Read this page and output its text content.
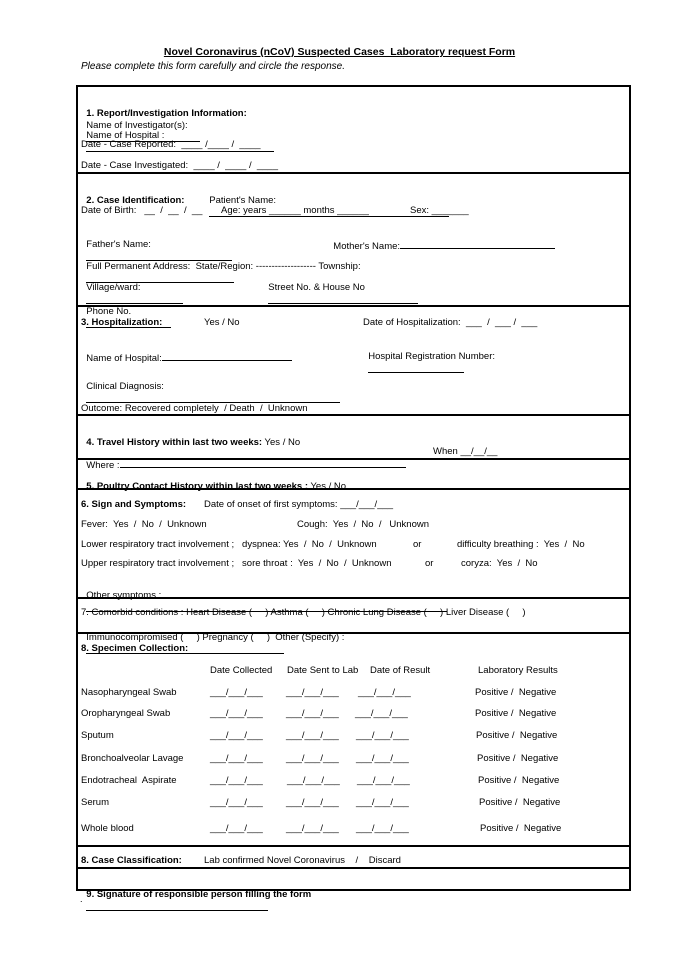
Novel Coronavirus (nCoV) Suspected Cases  Laboratory request Form
Please complete this form carefully and circle the response.

1. Report/Investigation Information:
Name of Investigator(s):

Name of Hospital :

Date - Case Reported:  ____ /____ /  ____
Date - Case Investigated:  ____ /  ____ /  ____

2. Case Identification:	Patient's Name:

Date of Birth:   __  /  __  /  __ Age: years ______ months ______	Sex: _______

Father's Name:
	Mother's Name:

Full Permanent Address:  State/Region: ------------------- Township:

Village/ward:
	Street No. & House No

Phone No.

3. Hospitalization:	Yes / No	Date of Hospitalization:  ___  /  ___ /  ___

Name of Hospital:	Hospital Registration Number:

Clinical Diagnosis:

Outcome: Recovered completely  / Death  /  Unknown

4. Travel History within last two weeks: Yes / No

Where :

When __/__/__

5. Poultry Contact History within last two weeks : Yes / No

6. Sign and Symptoms: Date of onset of first symptoms: ___/___/___
Fever:  Yes  /  No  /  Unknown	Cough:  Yes  /  No  /   Unknown
Lower respiratory tract involvement ;   dyspnea: Yes  /  No  /  Unknown	or	difficulty breathing :  Yes  /  No
Upper respiratory tract involvement ;   sore throat :  Yes  /  No  /  Unknown	or	coryza:  Yes  /  No

Other symptoms :

7. Comorbid conditions : Heart Disease (     ) Asthma (     ) Chronic Lung Disease (     ) Liver Disease (     )

Immunocompromised (     ) Pregnancy (     )  Other (Specify) :

8. Specimen Collection:
Date Collected Date Sent to Lab Date of Result	Laboratory Results
Nasopharyngeal Swab	___/___/___ ___/___/___ ___/___/___	Positive /  Negative
Oropharyngeal Swab	___/___/___ ___/___/___ ___/___/___	Positive /  Negative
Sputum	___/___/___ ___/___/___ ___/___/___	Positive /  Negative
Bronchoalveolar Lavage	___/___/___ ___/___/___ ___/___/___	Positive /  Negative
Endotracheal  Aspirate	___/___/___	___/___/___ ___/___/___	Positive /  Negative
Serum	___/___/___ ___/___/___ ___/___/___	Positive /  Negative
Whole blood	___/___/___ ___/___/___ ___/___/___	Positive /  Negative
8. Case Classification: Lab confirmed Novel Coronavirus    /    Discard

9. Signature of responsible person filling the form

.
